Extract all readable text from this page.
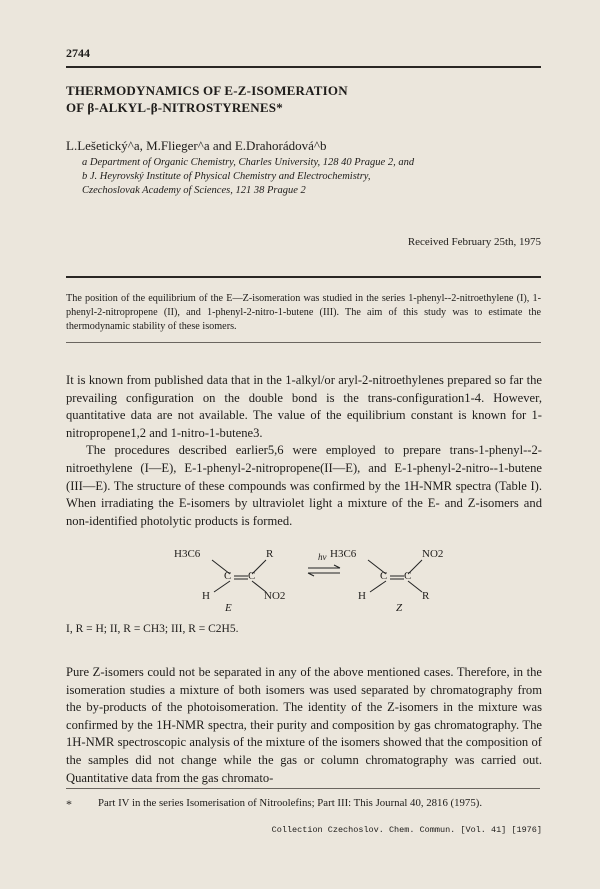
2744
THERMODYNAMICS OF E-Z-ISOMERATION
OF β-ALKYL-β-NITROSTYRENES*
L.Lešetický^a, M.Flieger^a and E.Drahorádová^b
a Department of Organic Chemistry, Charles University, 128 40 Prague 2, and
b J. Heyrovský Institute of Physical Chemistry and Electrochemistry,
Czechoslovak Academy of Sciences, 121 38 Prague 2
Received February 25th, 1975
The position of the equilibrium of the E—Z-isomeration was studied in the series 1-phenyl--2-nitroethylene (I), 1-phenyl-2-nitropropene (II), and 1-phenyl-2-nitro-1-butene (III). The aim of this study was to estimate the thermodynamic stability of these isomers.

It is known from published data that in the 1-alkyl/or aryl-2-nitroethylenes prepared so far the prevailing configuration on the double bond is the trans-configuration1-4. However, quantitative data are not available. The value of the equilibrium constant is known for 1-nitropropene1,2 and 1-nitro-1-butene3.

The procedures described earlier5,6 were employed to prepare trans-1-phenyl--2-nitroethylene (I—E), E-1-phenyl-2-nitropropene(II—E), and E-1-phenyl-2-nitro--1-butene (III—E). The structure of these compounds was confirmed by the 1H-NMR spectra (Table I). When irradiating the E-isomers by ultraviolet light a mixture of the E- and Z-isomers and non-identified photolytic products is formed.

H3C6	R
C C
H	NO2
hν H3C6	NO2
C C
H	R
E	Z
I, R = H; II, R = CH3; III, R = C2H5.

Pure Z-isomers could not be separated in any of the above mentioned cases. Therefore, in the isomeration studies a mixture of both isomers was used separated by chromatography from the by-products of the photoisomeration. The identity of the Z-isomers in the mixture was confirmed by the 1H-NMR spectra, their purity and composition by gas chromatography. The 1H-NMR spectroscopic analysis of the mixture of the isomers showed that the composition of the samples did not change while the gas or column chromatography was carried out. Quantitative data from the gas chromato-

* Part IV in the series Isomerisation of Nitroolefins; Part III: This Journal 40, 2816 (1975).
Collection Czechoslov. Chem. Commun. [Vol. 41] [1976]
